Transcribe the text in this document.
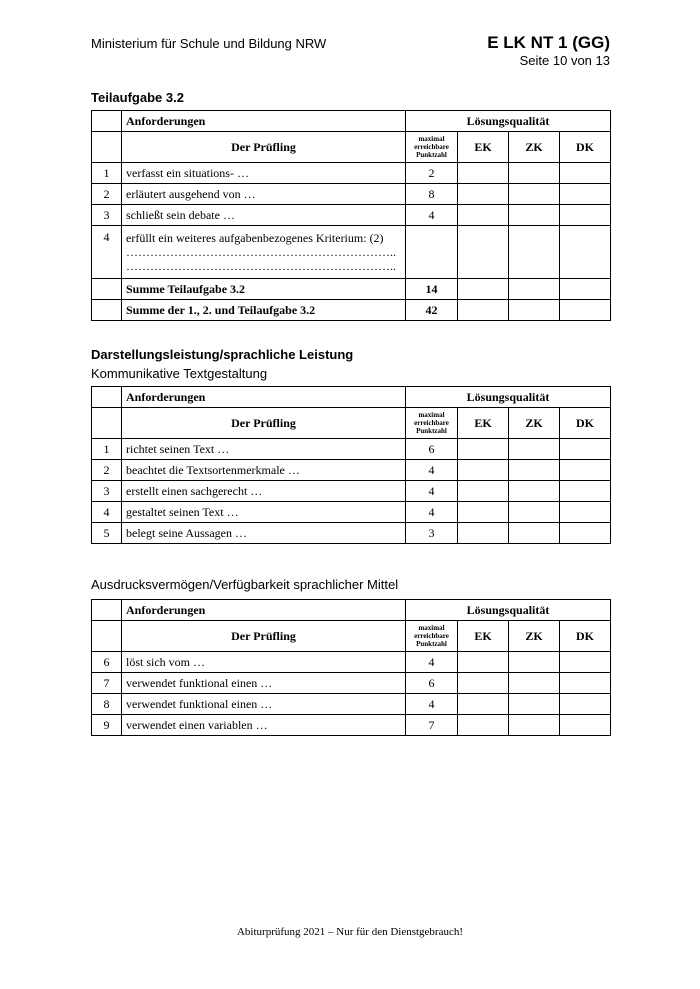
Ministerium für Schule und Bildung NRW	E LK NT 1 (GG)
Seite 10 von 13
Teilaufgabe 3.2
	Anforderungen	Lösungsqualität			
	Der Prüfling	maximal erreichbare Punktzahl	EK	ZK	DK
1	verfasst ein situations- …	2			
2	erläutert ausgehend von …	8			
3	schließt sein debate …	4			
4	erfüllt ein weiteres aufgabenbezogenes Kriterium: (2)
…………………………………………………………..
…………………………………………………………..				

	Summe Teilaufgabe 3.2	14			
	Summe der 1., 2. und Teilaufgabe 3.2	42			
Darstellungsleistung/sprachliche Leistung
Kommunikative Textgestaltung
	Anforderungen	Lösungsqualität			
	Der Prüfling	maximal erreichbare Punktzahl	EK	ZK	DK
1	richtet seinen Text …	6			
2	beachtet die Textsortenmerkmale …	4			
3	erstellt einen sachgerecht …	4			
4	gestaltet seinen Text …	4			
5	belegt seine Aussagen …	3			
Ausdrucksvermögen/Verfügbarkeit sprachlicher Mittel
	Anforderungen	Lösungsqualität			
	Der Prüfling	maximal erreichbare Punktzahl	EK	ZK	DK
6	löst sich vom …	4			
7	verwendet funktional einen …	6			
8	verwendet funktional einen …	4			
9	verwendet einen variablen …	7			
Abiturprüfung 2021 – Nur für den Dienstgebrauch!
